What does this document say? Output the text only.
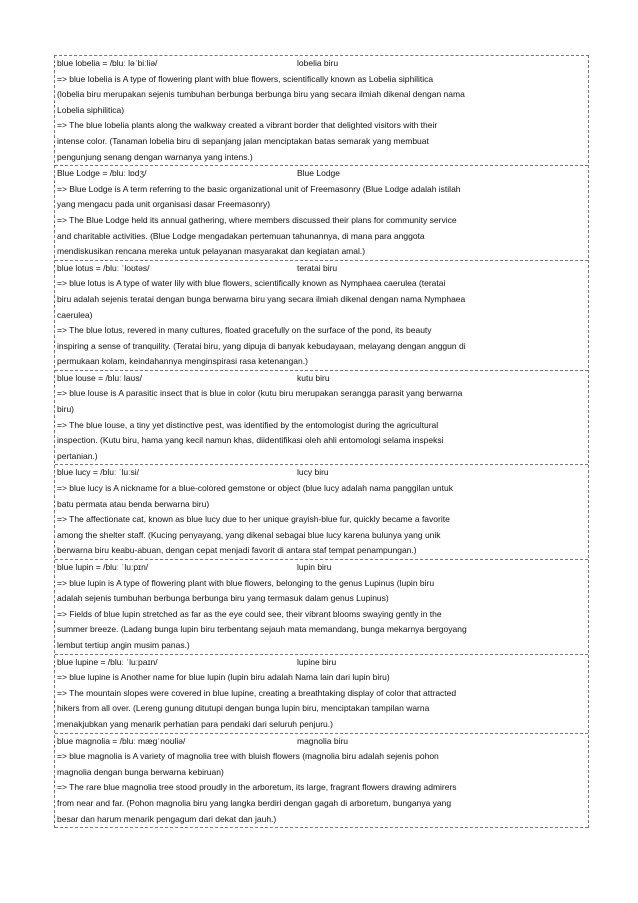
blue lobelia = /bluː ləˈbiːliə/	lobelia biru
=> blue lobelia is A type of flowering plant with blue flowers, scientifically known as Lobelia siphilitica
(lobelia biru merupakan sejenis tumbuhan berbunga berbunga biru yang secara ilmiah dikenal dengan nama
Lobelia siphilitica)
=> The blue lobelia plants along the walkway created a vibrant border that delighted visitors with their
intense color. (Tanaman lobelia biru di sepanjang jalan menciptakan batas semarak yang membuat
pengunjung senang dengan warnanya yang intens.)
Blue Lodge = /bluː lɒdʒ/	Blue Lodge
=> Blue Lodge is A term referring to the basic organizational unit of Freemasonry (Blue Lodge adalah istilah
yang mengacu pada unit organisasi dasar Freemasonry)
=> The Blue Lodge held its annual gathering, where members discussed their plans for community service
and charitable activities. (Blue Lodge mengadakan pertemuan tahunannya, di mana para anggota
mendiskusikan rencana mereka untuk pelayanan masyarakat dan kegiatan amal.)
blue lotus = /bluː ˈloʊtəs/	teratai biru
=> blue lotus is A type of water lily with blue flowers, scientifically known as Nymphaea caerulea (teratai
biru adalah sejenis teratai dengan bunga berwarna biru yang secara ilmiah dikenal dengan nama Nymphaea
caerulea)
=> The blue lotus, revered in many cultures, floated gracefully on the surface of the pond, its beauty
inspiring a sense of tranquility. (Teratai biru, yang dipuja di banyak kebudayaan, melayang dengan anggun di
permukaan kolam, keindahannya menginspirasi rasa ketenangan.)
blue louse = /bluː laʊs/	kutu biru
=> blue louse is A parasitic insect that is blue in color (kutu biru merupakan serangga parasit yang berwarna
biru)
=> The blue louse, a tiny yet distinctive pest, was identified by the entomologist during the agricultural
inspection. (Kutu biru, hama yang kecil namun khas, diidentifikasi oleh ahli entomologi selama inspeksi
pertanian.)
blue lucy = /bluː ˈluːsi/	lucy biru
=> blue lucy is A nickname for a blue-colored gemstone or object (blue lucy adalah nama panggilan untuk
batu permata atau benda berwarna biru)
=> The affectionate cat, known as blue lucy due to her unique grayish-blue fur, quickly became a favorite
among the shelter staff. (Kucing penyayang, yang dikenal sebagai blue lucy karena bulunya yang unik
berwarna biru keabu-abuan, dengan cepat menjadi favorit di antara staf tempat penampungan.)
blue lupin = /bluː ˈluːpɪn/	lupin biru
=> blue lupin is A type of flowering plant with blue flowers, belonging to the genus Lupinus (lupin biru
adalah sejenis tumbuhan berbunga berbunga biru yang termasuk dalam genus Lupinus)
=> Fields of blue lupin stretched as far as the eye could see, their vibrant blooms swaying gently in the
summer breeze. (Ladang bunga lupin biru terbentang sejauh mata memandang, bunga mekarnya bergoyang
lembut tertiup angin musim panas.)
blue lupine = /bluː ˈluːpaɪn/	lupine biru
=> blue lupine is Another name for blue lupin (lupin biru adalah Nama lain dari lupin biru)
=> The mountain slopes were covered in blue lupine, creating a breathtaking display of color that attracted
hikers from all over. (Lereng gunung ditutupi dengan bunga lupin biru, menciptakan tampilan warna
menakjubkan yang menarik perhatian para pendaki dari seluruh penjuru.)
blue magnolia = /bluː mægˈnoʊliə/	magnolia biru
=> blue magnolia is A variety of magnolia tree with bluish flowers (magnolia biru adalah sejenis pohon
magnolia dengan bunga berwarna kebiruan)
=> The rare blue magnolia tree stood proudly in the arboretum, its large, fragrant flowers drawing admirers
from near and far. (Pohon magnolia biru yang langka berdiri dengan gagah di arboretum, bunganya yang
besar dan harum menarik pengagum dari dekat dan jauh.)
